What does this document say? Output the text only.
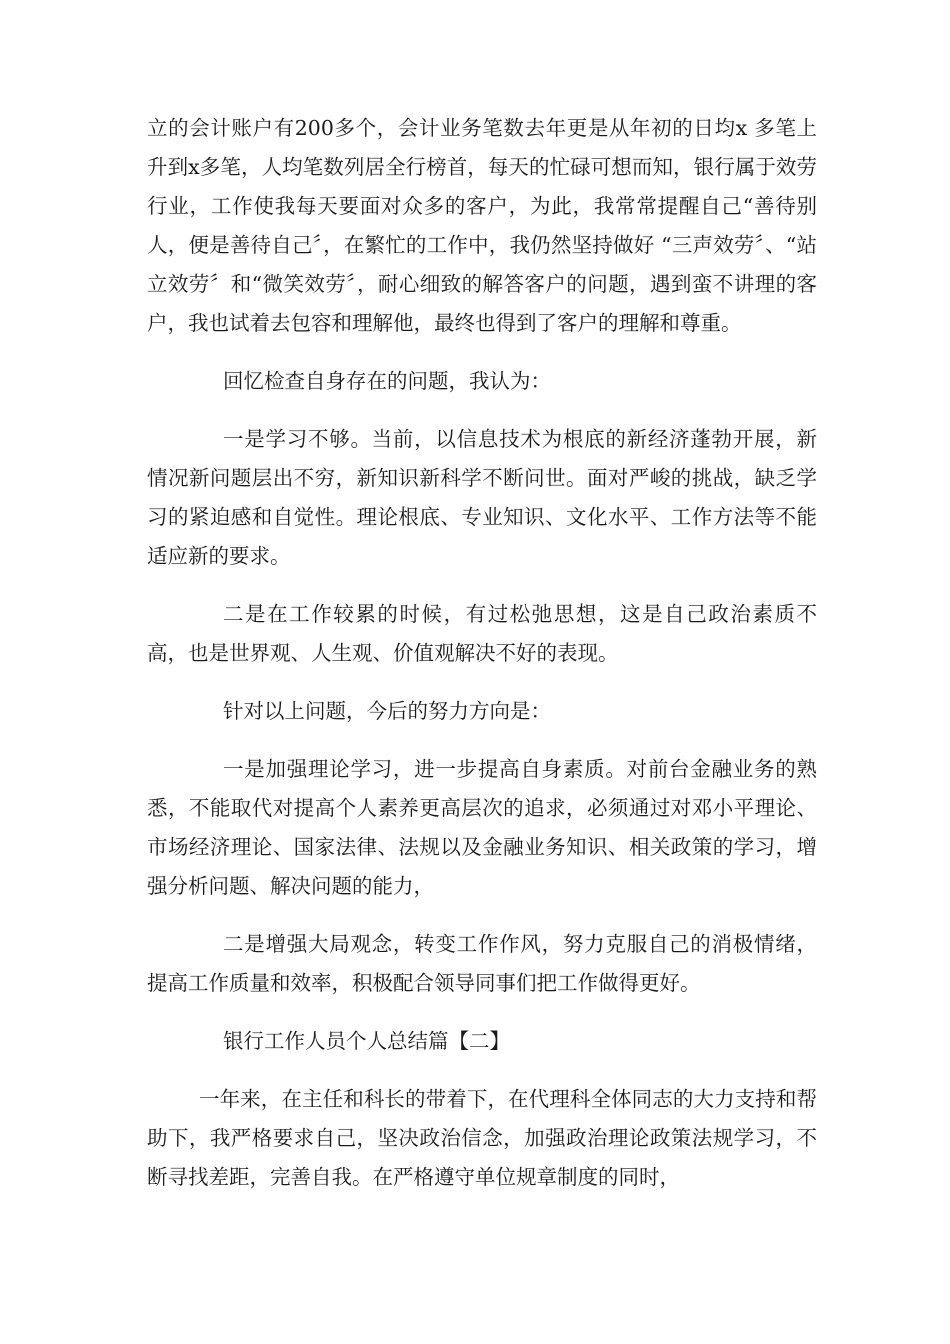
立的会计账户有200多个，会计业务笔数去年更是从年初的日均x 多笔上升到x多笔，人均笔数列居全行榜首，每天的忙碌可想而知，银行属于效劳行业，工作使我每天要面对众多的客户，为此，我常常提醒自己“善待别人，便是善待自己〞，在繁忙的工作中，我仍然坚持做好 “三声效劳〞、“站立效劳〞和“微笑效劳〞，耐心细致的解答客户的问题，遇到蛮不讲理的客户，我也试着去包容和理解他，最终也得到了客户的理解和尊重。

回忆检查自身存在的问题，我认为：

一是学习不够。当前，以信息技术为根底的新经济蓬勃开展，新情况新问题层出不穷，新知识新科学不断问世。面对严峻的挑战，缺乏学习的紧迫感和自觉性。理论根底、专业知识、文化水平、工作方法等不能适应新的要求。

二是在工作较累的时候，有过松弛思想，这是自己政治素质不高，也是世界观、人生观、价值观解决不好的表现。

针对以上问题，今后的努力方向是：

一是加强理论学习，进一步提高自身素质。对前台金融业务的熟悉，不能取代对提高个人素养更高层次的追求，必须通过对邓小平理论、市场经济理论、国家法律、法规以及金融业务知识、相关政策的学习，增强分析问题、解决问题的能力，

二是增强大局观念，转变工作作风，努力克服自己的消极情绪，提高工作质量和效率，积极配合领导同事们把工作做得更好。

银行工作人员个人总结篇【二】

一年来，在主任和科长的带着下，在代理科全体同志的大力支持和帮助下，我严格要求自己，坚决政治信念，加强政治理论政策法规学习，不断寻找差距，完善自我。在严格遵守单位规章制度的同时，
